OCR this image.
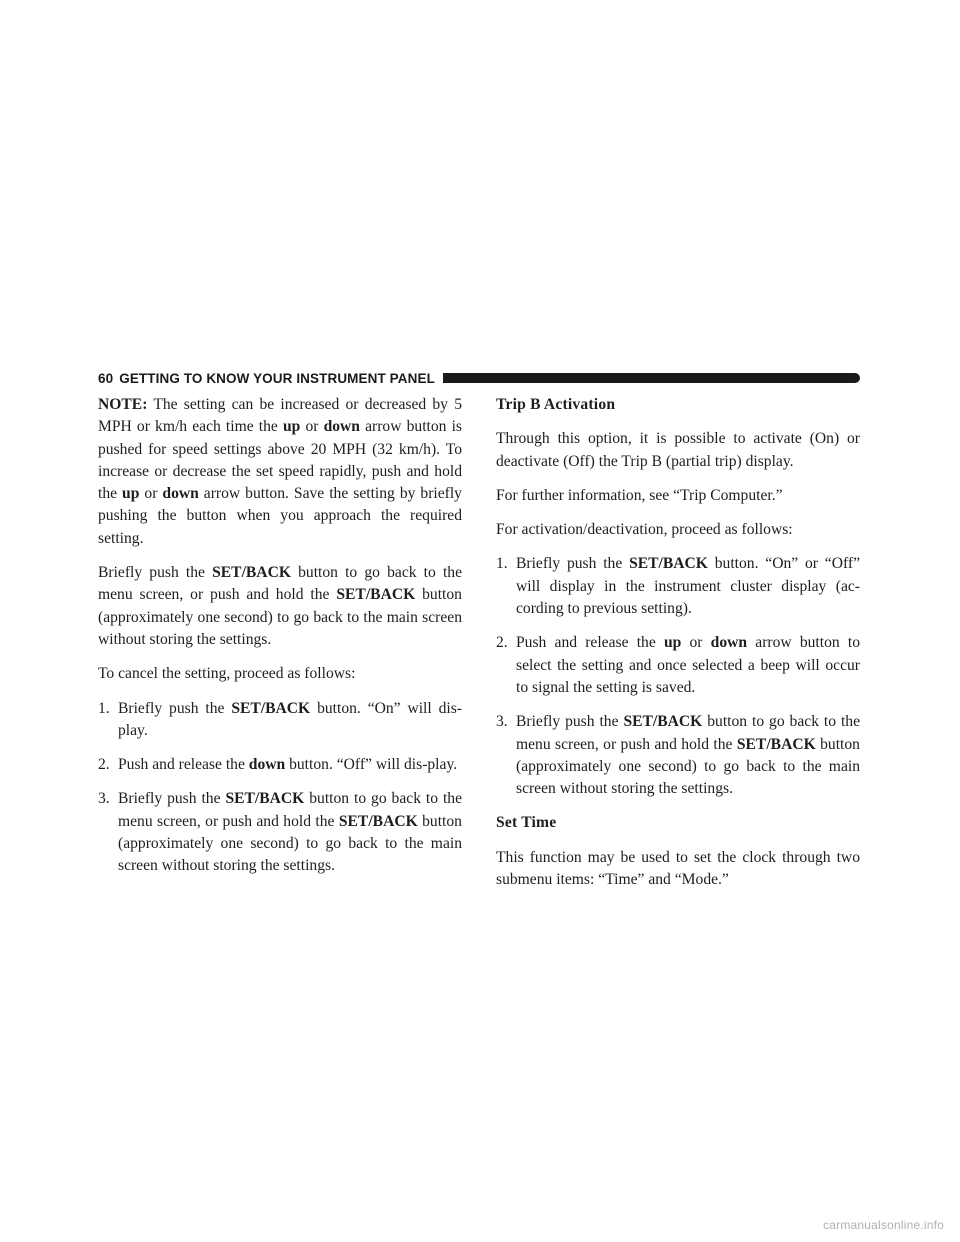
60 GETTING TO KNOW YOUR INSTRUMENT PANEL

NOTE: The setting can be increased or decreased by 5 MPH or km/h each time the up or down arrow button is pushed for speed settings above 20 MPH (32 km/h). To increase or decrease the set speed rapidly, push and hold the up or down arrow button. Save the setting by briefly pushing the button when you approach the required setting.

Briefly push the SET/BACK button to go back to the menu screen, or push and hold the SET/BACK button (approximately one second) to go back to the main screen without storing the settings.

To cancel the setting, proceed as follows:

1. Briefly push the SET/BACK button. “On” will dis-play.
2. Push and release the down button. “Off” will dis-play.
3. Briefly push the SET/BACK button to go back to the menu screen, or push and hold the SET/BACK button (approximately one second) to go back to the main screen without storing the settings.
Trip B Activation

Through this option, it is possible to activate (On) or deactivate (Off) the Trip B (partial trip) display.

For further information, see “Trip Computer.”

For activation/deactivation, proceed as follows:

1. Briefly push the SET/BACK button. “On” or “Off” will display in the instrument cluster display (ac-cording to previous setting).
2. Push and release the up or down arrow button to select the setting and once selected a beep will occur to signal the setting is saved.
3. Briefly push the SET/BACK button to go back to the menu screen, or push and hold the SET/BACK button (approximately one second) to go back to the main screen without storing the settings.
Set Time

This function may be used to set the clock through two submenu items: “Time” and “Mode.”

carmanualsonline.info
